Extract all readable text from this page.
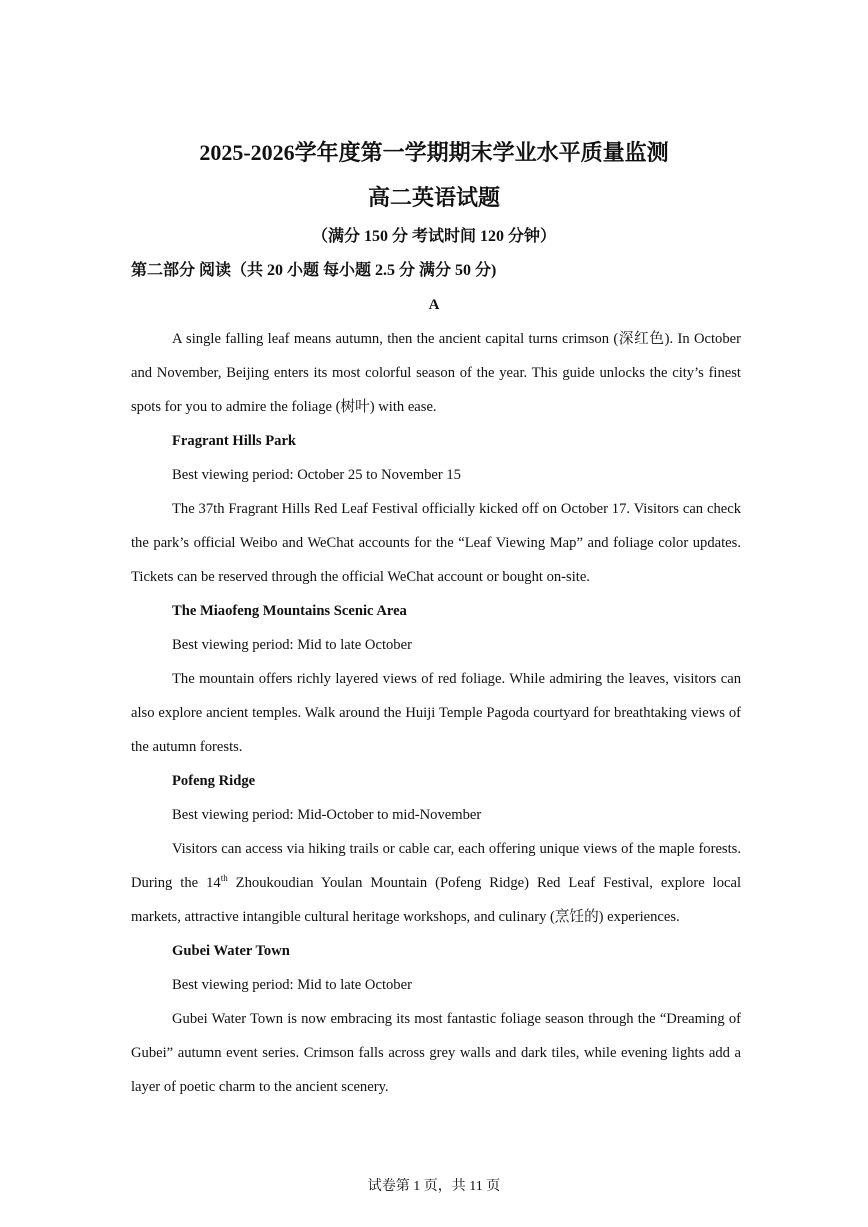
2025-2026学年度第一学期期末学业水平质量监测
高二英语试题
（满分 150 分 考试时间 120 分钟）
第二部分 阅读（共 20 小题 每小题 2.5 分 满分 50 分)
A

A single falling leaf means autumn, then the ancient capital turns crimson (深红色). In October and November, Beijing enters its most colorful season of the year. This guide unlocks the city’s finest spots for you to admire the foliage (树叶) with ease.

Fragrant Hills Park

Best viewing period: October 25 to November 15

The 37th Fragrant Hills Red Leaf Festival officially kicked off on October 17. Visitors can check the park’s official Weibo and WeChat accounts for the “Leaf Viewing Map” and foliage color updates. Tickets can be reserved through the official WeChat account or bought on-site.

The Miaofeng Mountains Scenic Area

Best viewing period: Mid to late October

The mountain offers richly layered views of red foliage. While admiring the leaves, visitors can also explore ancient temples. Walk around the Huiji Temple Pagoda courtyard for breathtaking views of the autumn forests.

Pofeng Ridge

Best viewing period: Mid-October to mid-November

Visitors can access via hiking trails or cable car, each offering unique views of the maple forests. During the 14th Zhoukoudian Youlan Mountain (Pofeng Ridge) Red Leaf Festival, explore local markets, attractive intangible cultural heritage workshops, and culinary (烹饪的) experiences.

Gubei Water Town

Best viewing period: Mid to late October

Gubei Water Town is now embracing its most fantastic foliage season through the “Dreaming of Gubei” autumn event series. Crimson falls across grey walls and dark tiles, while evening lights add a layer of poetic charm to the ancient scenery.

试卷第 1 页，共 11 页
